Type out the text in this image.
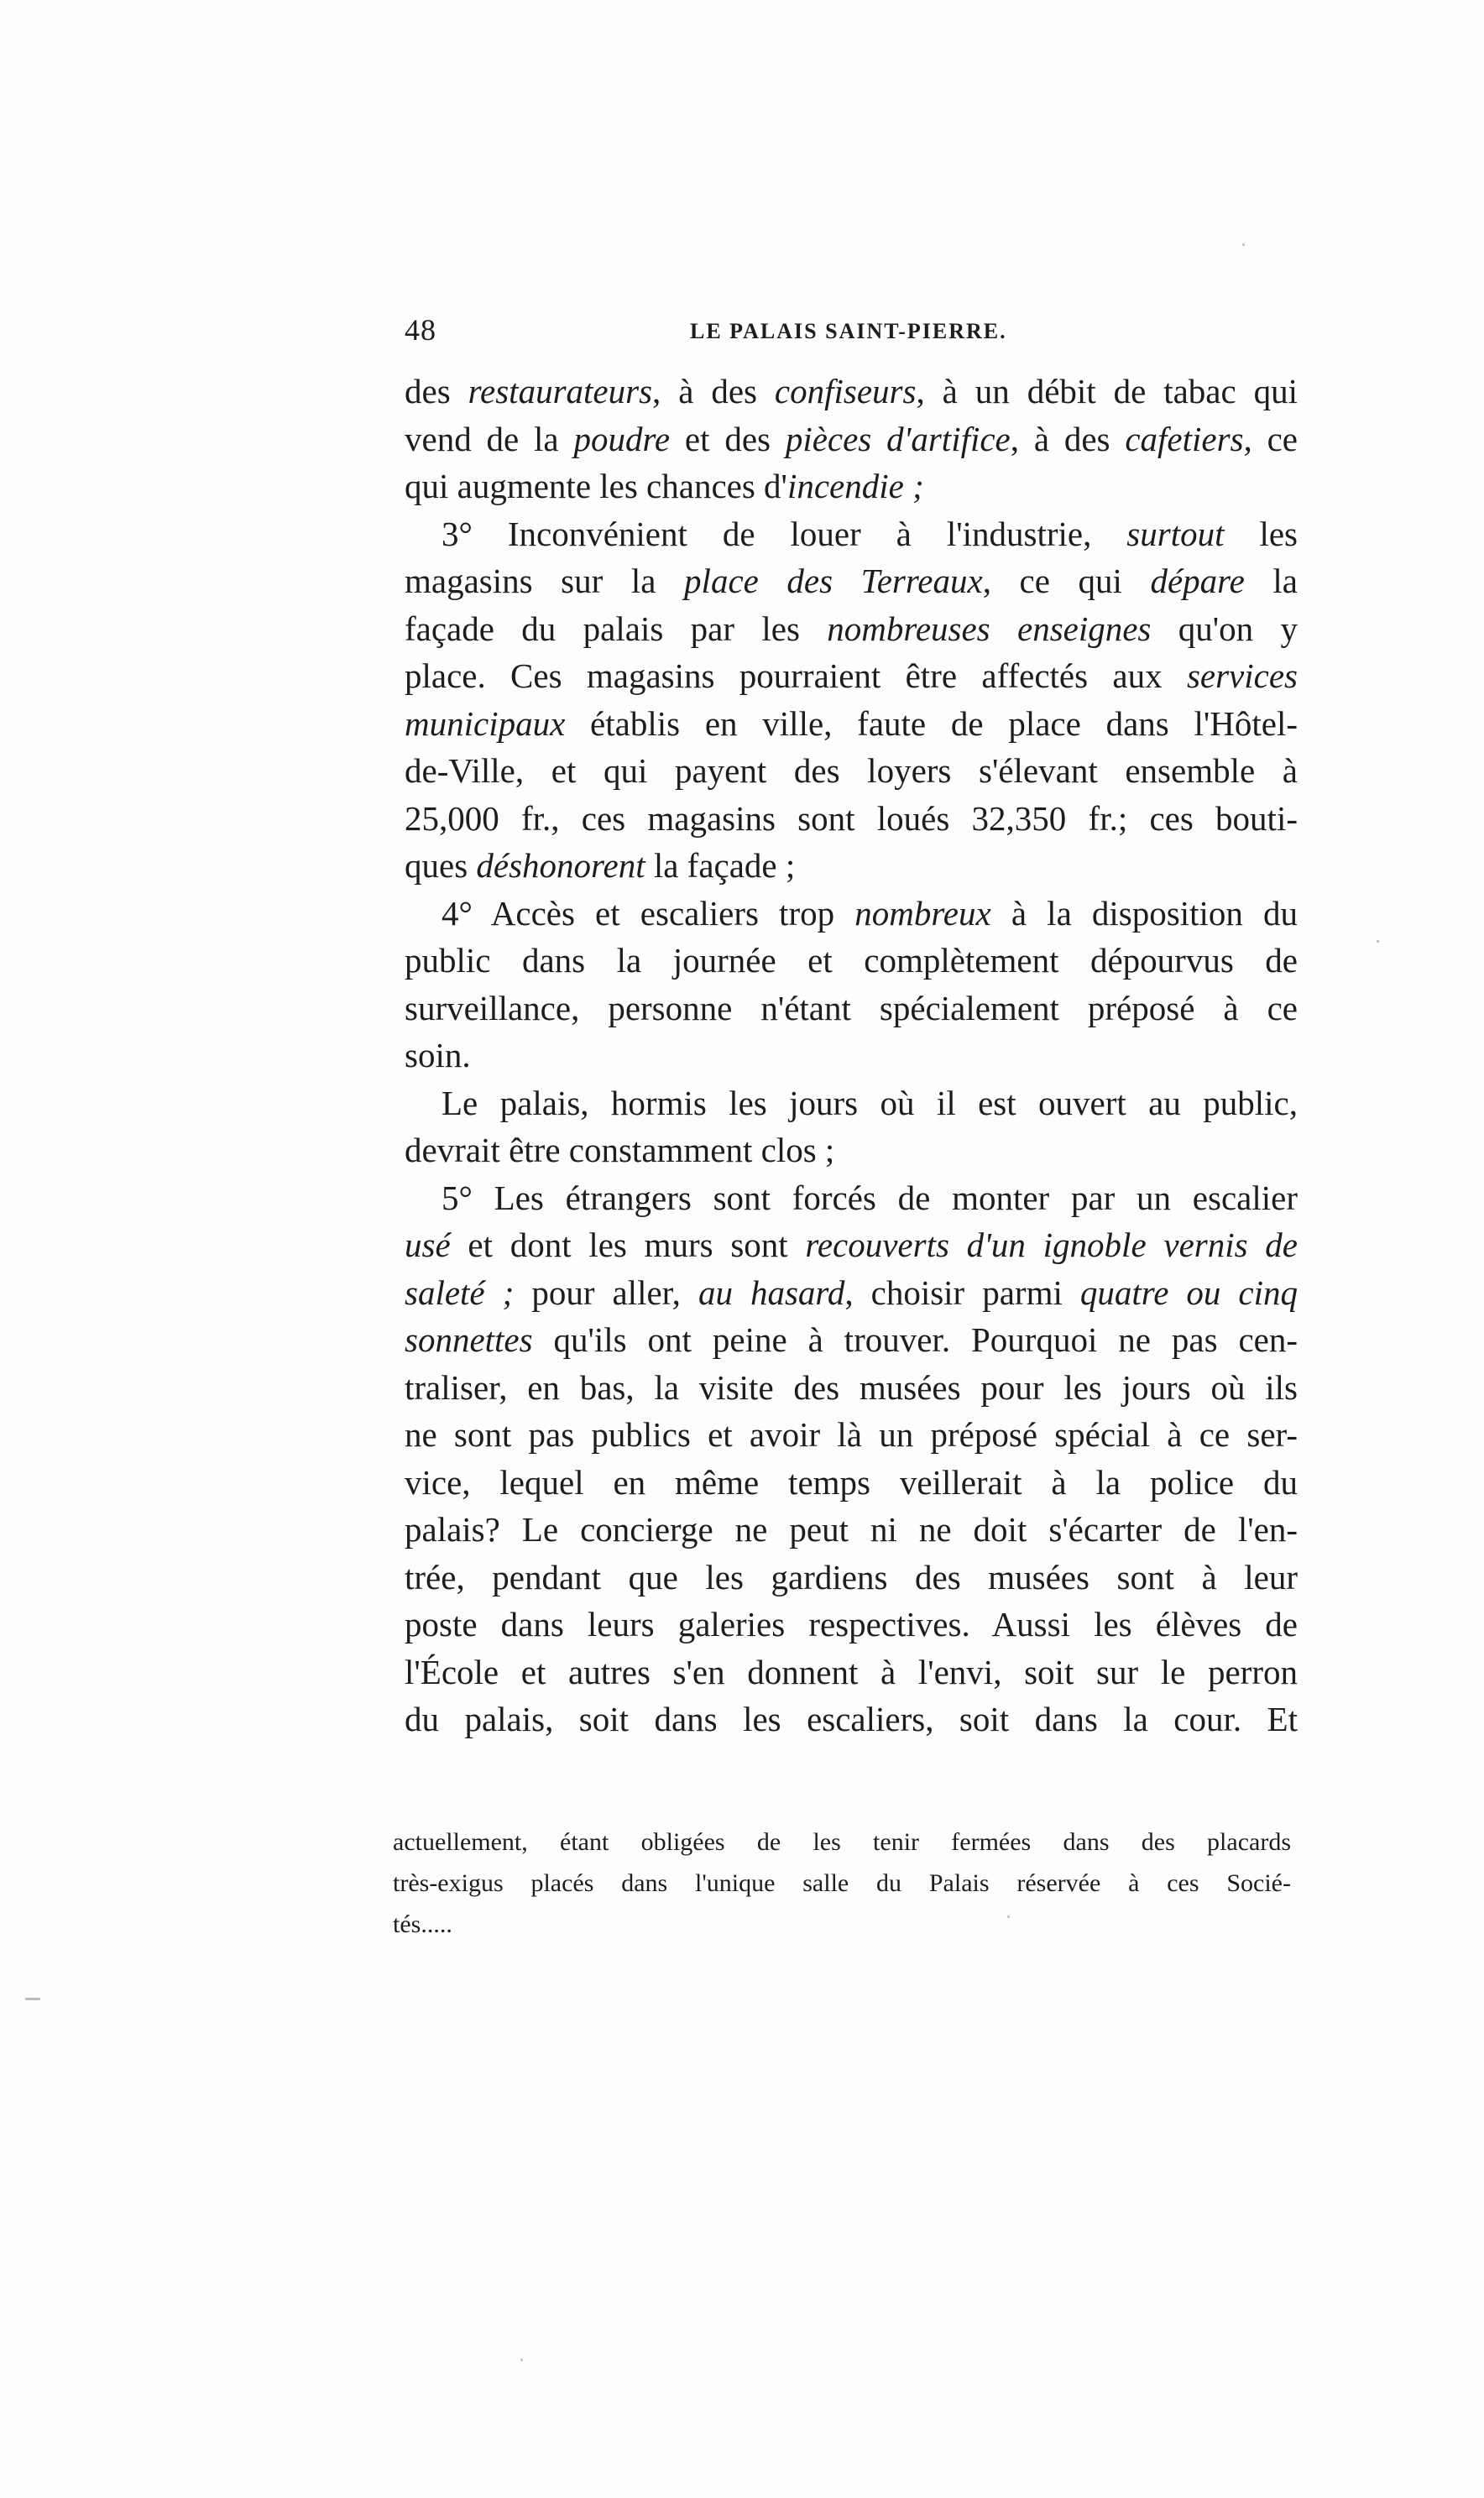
48	LE PALAIS SAINT-PIERRE.
des restaurateurs, à des confiseurs, à un débit de tabac qui
vend de la poudre et des pièces d'artifice, à des cafetiers, ce
qui augmente les chances d'incendie ;
3° Inconvénient de louer à l'industrie, surtout les
magasins sur la place des Terreaux, ce qui dépare la
façade du palais par les nombreuses enseignes qu'on y
place. Ces magasins pourraient être affectés aux services
municipaux établis en ville, faute de place dans l'Hôtel-
de-Ville, et qui payent des loyers s'élevant ensemble à
25,000 fr., ces magasins sont loués 32,350 fr.; ces bouti-
ques déshonorent la façade ;
4° Accès et escaliers trop nombreux à la disposition du
public dans la journée et complètement dépourvus de
surveillance, personne n'étant spécialement préposé à ce
soin.
Le palais, hormis les jours où il est ouvert au public,
devrait être constamment clos ;
5° Les étrangers sont forcés de monter par un escalier
usé et dont les murs sont recouverts d'un ignoble vernis de
saleté ; pour aller, au hasard, choisir parmi quatre ou cinq
sonnettes qu'ils ont peine à trouver. Pourquoi ne pas cen-
traliser, en bas, la visite des musées pour les jours où ils
ne sont pas publics et avoir là un préposé spécial à ce ser-
vice, lequel en même temps veillerait à la police du
palais? Le concierge ne peut ni ne doit s'écarter de l'en-
trée, pendant que les gardiens des musées sont à leur
poste dans leurs galeries respectives. Aussi les élèves de
l'École et autres s'en donnent à l'envi, soit sur le perron
du palais, soit dans les escaliers, soit dans la cour. Et
actuellement, étant obligées de les tenir fermées dans des placards
très-exigus placés dans l'unique salle du Palais réservée à ces Socié-
tés.....
